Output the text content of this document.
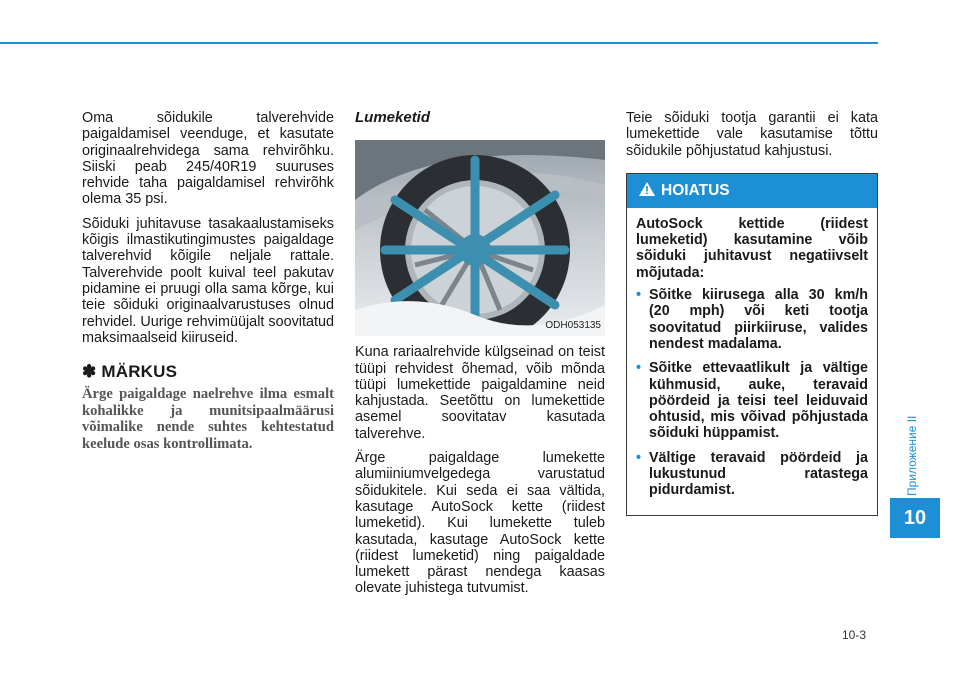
Oma sõidukile talverehvide paigaldamisel veenduge, et kasutate originaalrehvidega sama rehvirõhku. Siiski peab 245/40R19 suuruses rehvide taha paigaldamisel rehvirõhk olema 35 psi.

Sõiduki juhitavuse tasakaalustamiseks kõigis ilmastikutingimustes paigaldage talverehvid kõigile neljale rattale. Talverehvide poolt kuival teel pakutav pidamine ei pruugi olla sama kõrge, kui teie sõiduki originaalvarustuses olnud rehvidel. Uurige rehvimüüjalt soovitatud maksimaalseid kiiruseid.

✽ MÄRKUS
Ärge paigaldage naelrehve ilma esmalt kohalikke ja munitsipaalmäärusi võimalike nende suhtes kehtestatud keelude osas kontrollimata.
Lumeketid
ODH053135

Kuna rariaalrehvide külgseinad on teist tüüpi rehvidest õhemad, võib mõnda tüüpi lumekettide paigaldamine neid kahjustada. Seetõttu on lumekettide asemel soovitatav kasutada talverehve.

Ärge paigaldage lumekette alumiiniumvelgedega varustatud sõidukitele. Kui seda ei saa vältida, kasutage AutoSock kette (riidest lumeketid). Kui lumekette tuleb kasutada, kasutage AutoSock kette (riidest lumeketid) ning paigaldade lumekett pärast nendega kaasas olevate juhistega tutvumist.

Teie sõiduki tootja garantii ei kata lumekettide vale kasutamise tõttu sõidukile põhjustatud kahjustusi.

HOIATUS

AutoSock kettide (riidest lumeketid) kasutamine võib sõiduki juhitavust negatiivselt mõjutada:

• Sõitke kiirusega alla 30 km/h (20 mph) või keti tootja soovitatud piirkiiruse, valides nendest madalama.
• Sõitke ettevaatlikult ja vältige kühmusid, auke, teravaid pöördeid ja teisi teel leiduvaid ohtusid, mis võivad põhjustada sõiduki hüppamist.
• Vältige teravaid pöördeid ja lukustunud ratastega pidurdamist.	Приложение II
10
10-3
